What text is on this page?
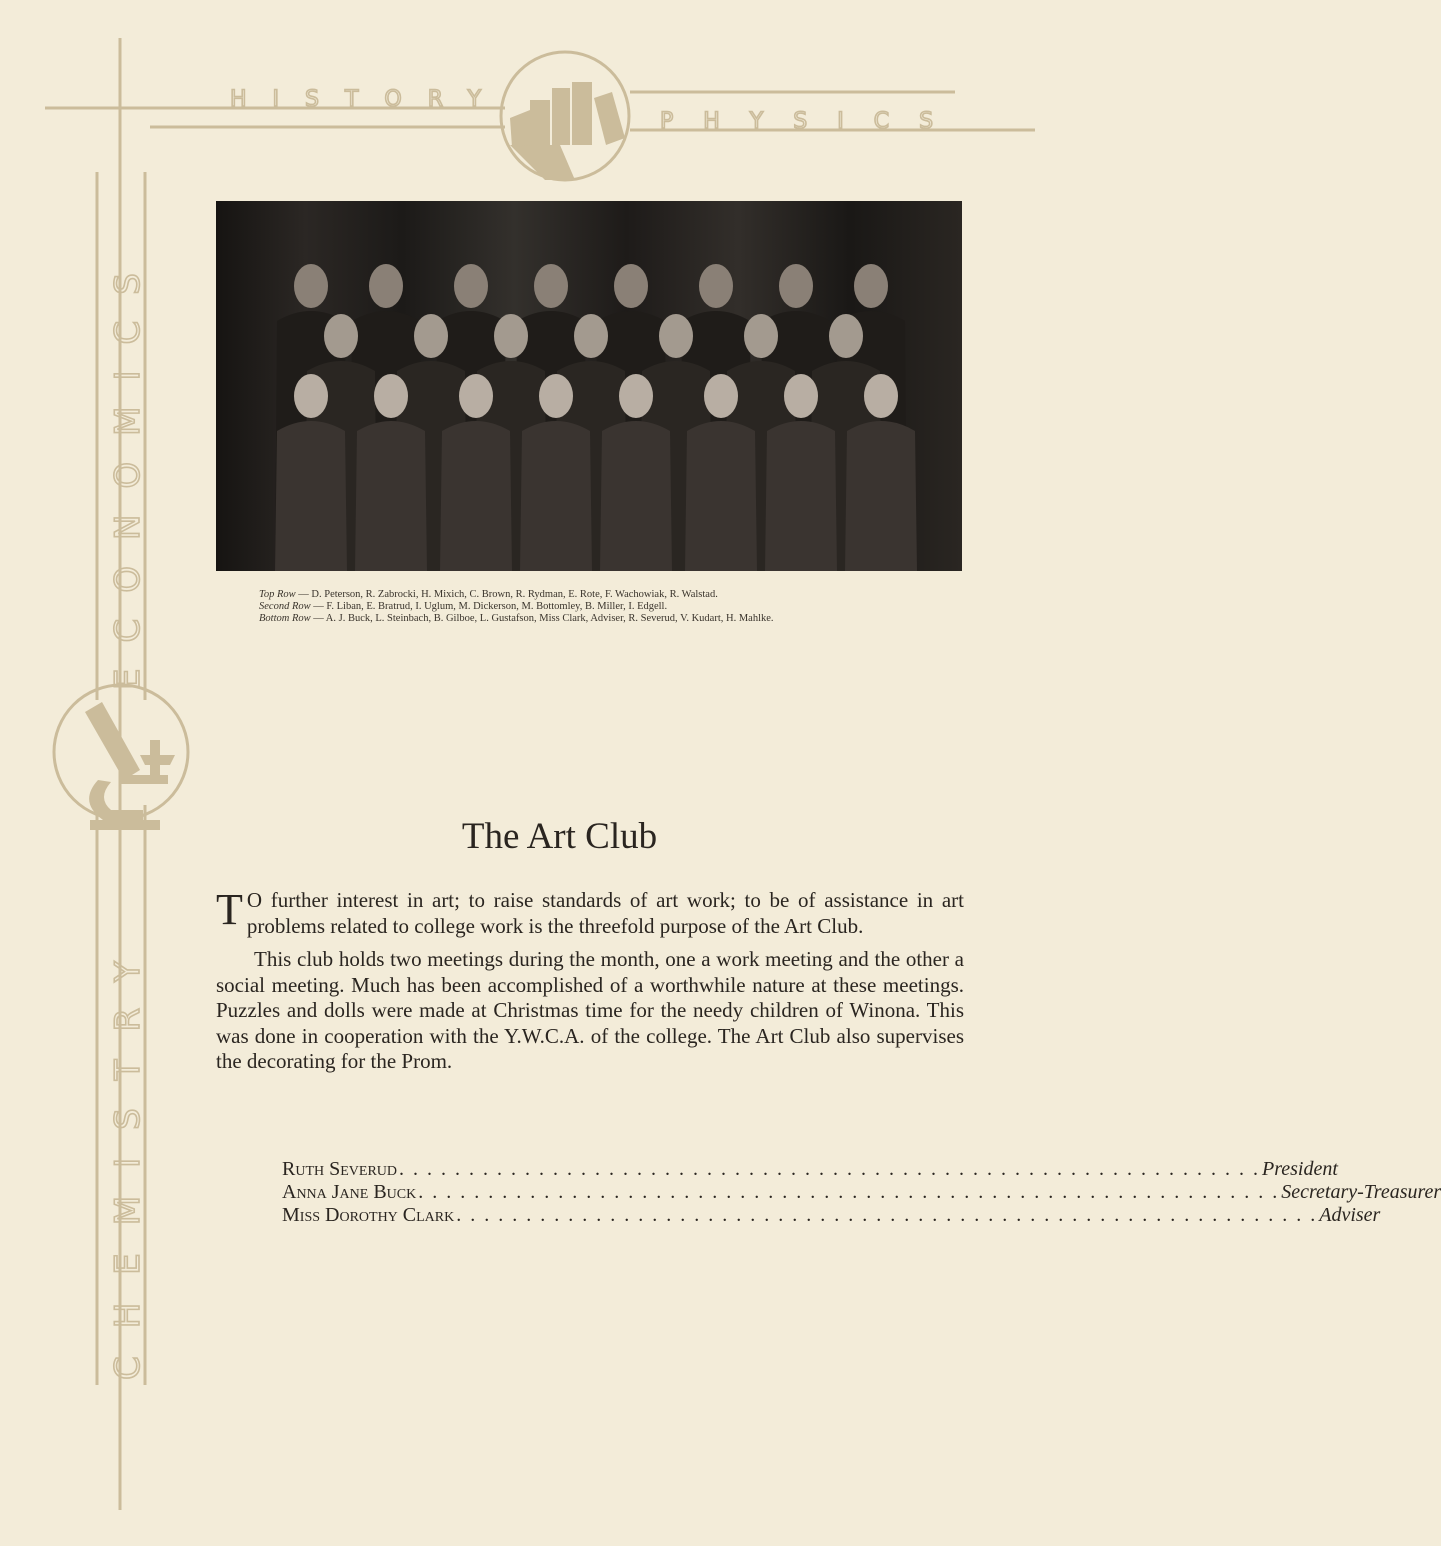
HISTORY
PHYSICS
ECONOMICS
CHEMISTRY
Top Row — D. Peterson, R. Zabrocki, H. Mixich, C. Brown, R. Rydman, E. Rote, F. Wachowiak, R. Walstad.
Second Row — F. Liban, E. Bratrud, I. Uglum, M. Dickerson, M. Bottomley, B. Miller, I. Edgell.
Bottom Row — A. J. Buck, L. Steinbach, B. Gilboe, L. Gustafson, Miss Clark, Adviser, R. Severud, V. Kudart, H. Mahlke.
The Art Club

T O further interest in art; to raise standards of art work; to be of assistance in art problems related to college work is the threefold purpose of the Art Club.

This club holds two meetings during the month, one a work meeting and the other a social meeting. Much has been accomplished of a worthwhile nature at these meetings. Puzzles and dolls were made at Christmas time for the needy children of Winona. This was done in cooperation with the Y.W.C.A. of the college. The Art Club also supervises the decorating for the Prom.

Ruth Severud . . . . . . . . . . . . . . . . . . . . . . . . . . . . . . . . . . . . . . . . . . . . . . . . . . . . . . . . . . . . . . President
Anna Jane Buck . . . . . . . . . . . . . . . . . . . . . . . . . . . . . . . . . . . . . . . . . . . . . . . . . . . . . . . . . . . . . . Secretary-Treasurer
Miss Dorothy Clark . . . . . . . . . . . . . . . . . . . . . . . . . . . . . . . . . . . . . . . . . . . . . . . . . . . . . . . . . . . . . . Adviser
